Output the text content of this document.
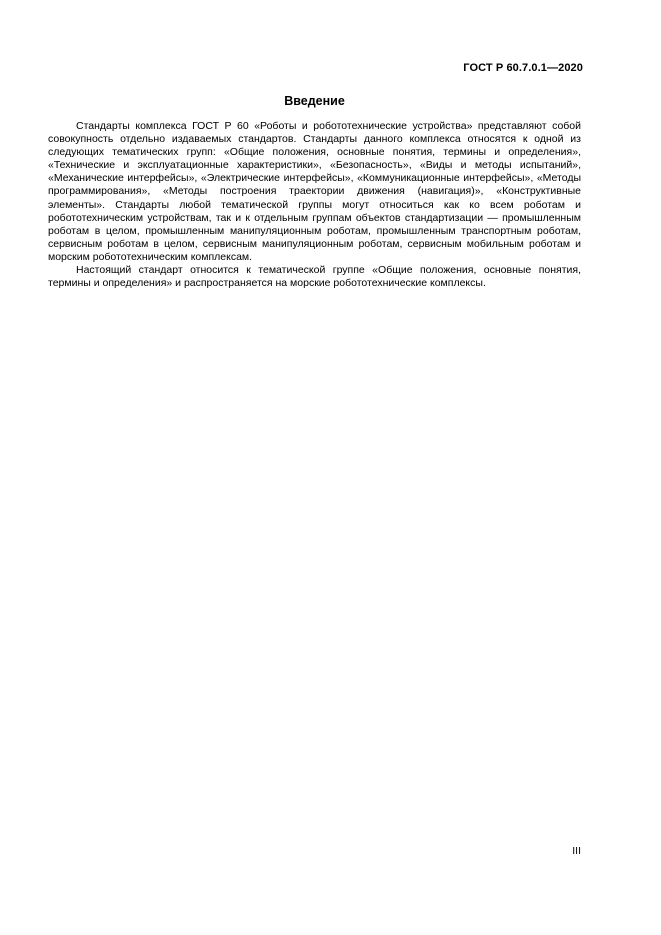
ГОСТ Р 60.7.0.1—2020
Введение

Стандарты комплекса ГОСТ Р 60 «Роботы и робототехнические устройства» представляют собой совокупность отдельно издаваемых стандартов. Стандарты данного комплекса относятся к одной из следующих тематических групп: «Общие положения, основные понятия, термины и определения», «Технические и эксплуатационные характеристики», «Безопасность», «Виды и методы испытаний», «Механические интерфейсы», «Электрические интерфейсы», «Коммуникационные интерфейсы», «Методы программирования», «Методы построения траектории движения (навигация)», «Конструктивные элементы». Стандарты любой тематической группы могут относиться как ко всем роботам и робототехническим устройствам, так и к отдельным группам объектов стандартизации — промышленным роботам в целом, промышленным манипуляционным роботам, промышленным транспортным роботам, сервисным роботам в целом, сервисным манипуляционным роботам, сервисным мобильным роботам и морским робототехническим комплексам.

Настоящий стандарт относится к тематической группе «Общие положения, основные понятия, термины и определения» и распространяется на морские робототехнические комплексы.

III
